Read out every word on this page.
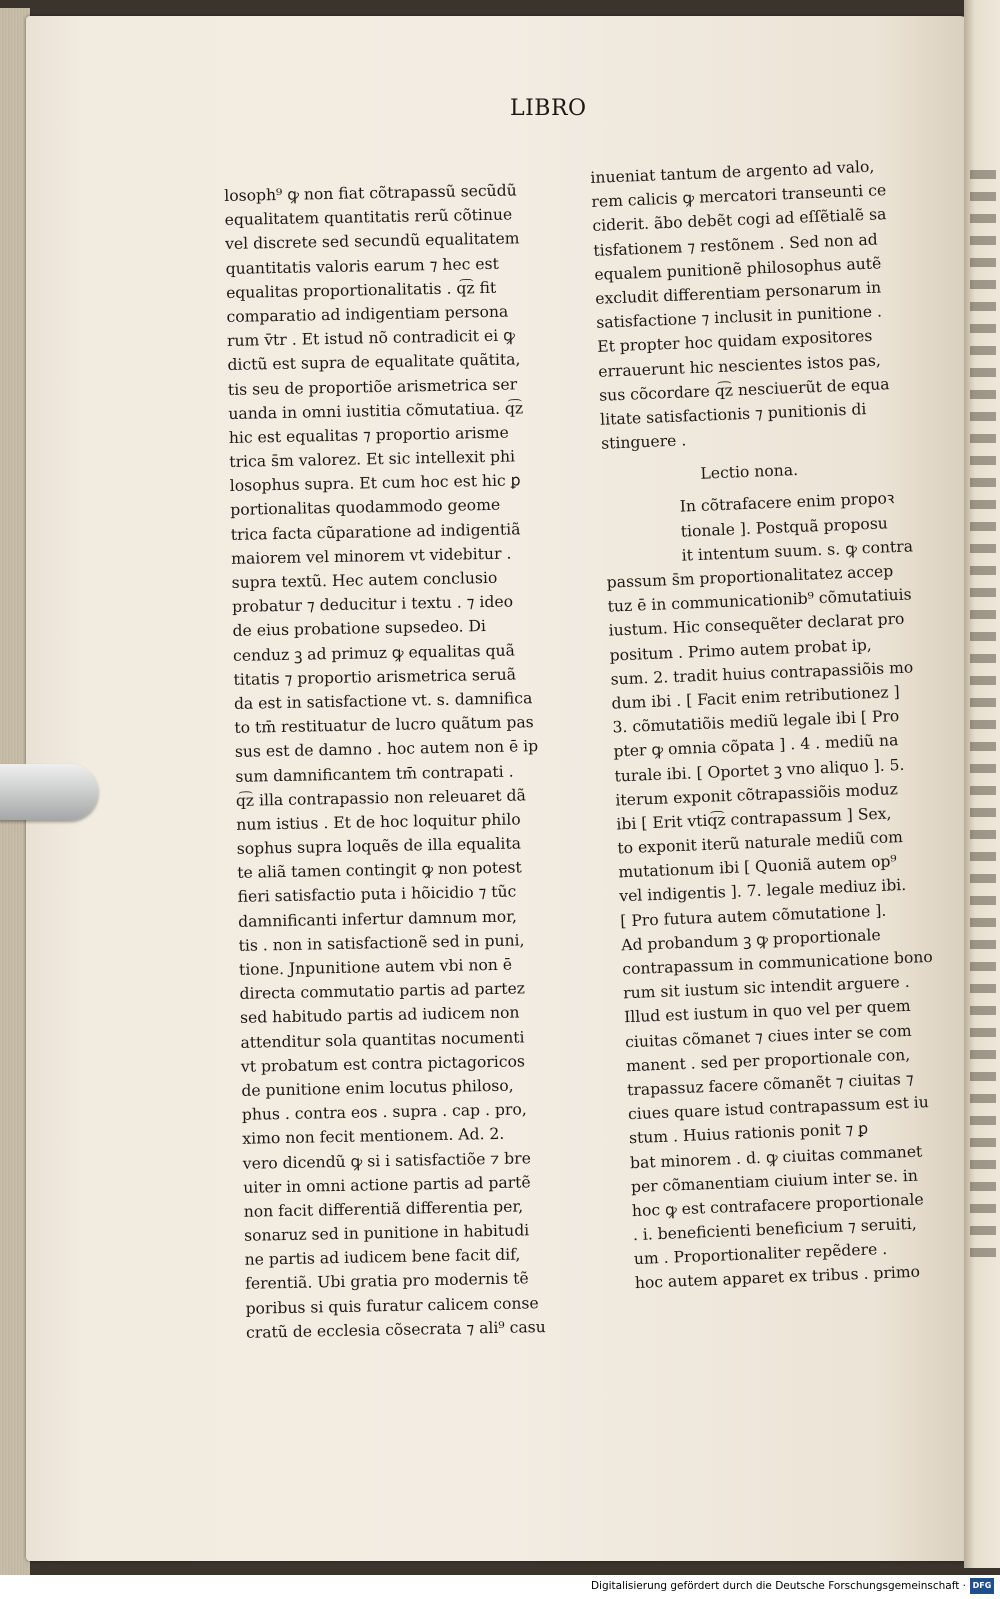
LIBRO
losoph⁹ ꝙ non fiat cõtrapassũ secũdũ
equalitatem quantitatis rerũ cõtinue
vel discrete sed secundũ equalitatem
quantitatis valoris earum ⁊ hec est
equalitas proportionalitatis . q͡z fit
comparatio ad indigentiam persona
rum v̄tr . Et istud nõ contradicit ei ꝙ
dictũ est supra de equalitate quãtita,
tis seu de proportiõe arismetrica ser
uanda in omni iustitia cõmutatiua. q͡z
hic est equalitas ⁊ proportio arisme
trica s̄m valorez. Et sic intellexit phi
losophus supra. Et cum hoc est hic ꝑ
portionalitas quodammodo geome
trica facta cũparatione ad indigentiã
maiorem vel minorem vt videbitur .
supra textũ. Hec autem conclusio
probatur ⁊ deducitur i textu . ⁊ ideo
de eius probatione supsedeo. Di
cenduz ꝫ ad primuz ꝙ equalitas quã
titatis ⁊ proportio arismetrica seruã
da est in satisfactione vt. s. damnifica
to tm̄ restituatur de lucro quãtum pas
sus est de damno . hoc autem non ē ip
sum damnificantem tm̄ contrapati .
q͡z illa contrapassio non releuaret dã
num istius . Et de hoc loquitur philo
sophus supra loquẽs de illa equalita
te aliã tamen contingit ꝙ non potest
fieri satisfactio puta i hõicidio ⁊ tũc
damnificanti infertur damnum mor,
tis . non in satisfactionẽ sed in puni,
tione. Jnpunitione autem vbi non ē
directa commutatio partis ad partez
sed habitudo partis ad iudicem non
attenditur sola quantitas nocumenti
vt probatum est contra pictagoricos
de punitione enim locutus philoso,
phus . contra eos . supra . cap . pro,
ximo non fecit mentionem. Ad. 2.
vero dicendũ ꝙ si i satisfactiõe ⁊ bre
uiter in omni actione partis ad partẽ
non facit differentiã differentia per,
sonaruz sed in punitione in habitudi
ne partis ad iudicem bene facit dif,
ferentiã. Ubi gratia pro modernis tẽ
poribus si quis furatur calicem conse
cratũ de ecclesia cõsecrata ⁊ ali⁹ casu
inueniat tantum de argento ad valo,
rem calicis ꝙ mercatori transeunti ce
ciderit. ãbo debẽt cogi ad eſſẽtialẽ sa
tisfationem ⁊ restõnem . Sed non ad
equalem punitionẽ philosophus autẽ
excludit differentiam personarum in
satisfactione ⁊ inclusit in punitione .
Et propter hoc quidam expositores
errauerunt hic nescientes istos pas,
sus cõcordare q͡z nesciuerũt de equa
litate satisfactionis ⁊ punitionis di
stinguere .
Lectio nona.
In cõtrafacere enim propoꝛ
tionale ]. Postquã proposu
it intentum suum. s. ꝙ contra
passum s̄m proportionalitatez accep
tuz ē in communicationib⁹ cõmutatiuis
iustum. Hic consequẽter declarat pro
positum . Primo autem probat ip,
sum. 2. tradit huius contrapassiõis mo
dum ibi . [ Facit enim retributionez ]
3. cõmutatiõis mediũ legale ibi [ Pro
pter ꝙ omnia cõpata ] . 4 . mediũ na
turale ibi. [ Oportet ꝫ vno aliquo ]. 5.
iterum exponit cõtrapassiõis moduz
ibi [ Erit vtiq͡z contrapassum ] Sex,
to exponit iterũ naturale mediũ com
mutationum ibi [ Quoniã autem op⁹
vel indigentis ]. 7. legale mediuz ibi.
[ Pro futura autem cõmutatione ].
Ad probandum ꝫ ꝙ proportionale
contrapassum in communicatione bono
rum sit iustum sic intendit arguere .
Illud est iustum in quo vel per quem
ciuitas cõmanet ⁊ ciues inter se com
manent . sed per proportionale con,
trapassuz facere cõmanẽt ⁊ ciuitas ⁊
ciues quare istud contrapassum est iu
stum . Huius rationis ponit ⁊ ꝑ
bat minorem . d. ꝙ ciuitas commanet
per cõmanentiam ciuium inter se. in
hoc ꝙ est contrafacere proportionale
. i. beneficienti beneficium ⁊ seruiti,
um . Proportionaliter repẽdere .
hoc autem apparet ex tribus . primo
Digitalisierung gefördert durch die Deutsche Forschungsgemeinschaft · DFG
